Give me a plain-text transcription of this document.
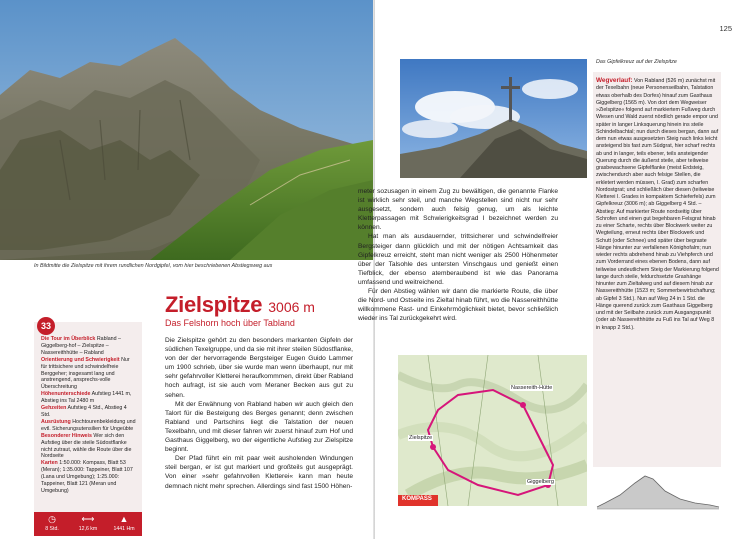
In Bildmitte die Zielspitze mit ihrem rundlichen Nordgipfel, vom hier beschriebenen Abstiegsweg aus
33
Zielspitze 3006 m
Das Felshorn hoch über Tabland
Die Tour im Überblick Rabland – Giggelberg-hof – Zielspitze – Nassereithhütte – Rabland
Orientierung und Schwierigkeit Nur für trittsichere und schwindelfreie Berggeher; insgesamt lang und anstrengend, ansprechs-volle Überschreitung
Höhenunterschiede Aufstieg 1441 m, Abstieg ins Tal 2480 m
Gehzeiten Aufstieg 4 Std., Abstieg 4 Std.
Ausrüstung Hochtourenbekleidung und evtl. Sicherungsutensilien für Ungeübte
Besonderer Hinweis Wer sich den Aufstieg über die steile Südostflanke nicht zutraut, wähle die Route über die Nordseite
Karten 1:50.000: Kompass, Blatt 53 (Meran); 1:35.000: Tappeiner, Blatt 107 (Lana und Umgebung); 1:25.000: Tappeiner, Blatt 121 (Meran und Umgebung)
◷
8 Std.
⟷
12,6 km
▲
1441 Hm

Die Zielspitze gehört zu den besonders markanten Gipfeln der südlichen Texelgruppe, und da sie mit ihrer steilen Südostflanke, von der der hervorragende Bergsteiger Eugen Guido Lammer um 1900 schrieb, über sie wurde man wenn überhaupt, nur mit sehr gefahrvoller Kletterei heraufkommmen, direkt über Rabland hoch aufragt, ist sie auch vom Meraner Becken aus gut zu sehen.

Mit der Erwähnung von Rabland haben wir auch gleich den Talort für die Besteigung des Berges genannt; denn zwischen Rabland und Partschins liegt die Talstation der neuen Texelbahn, und mit dieser fahren wir zuerst hinauf zum Hof und Gasthaus Giggelberg, wo der eigentliche Aufstieg zur Zielspitze beginnt.

Der Pfad führt ein mit paar weit ausholenden Windungen steil bergan, er ist gut markiert und großteils gut ausgeprägt. Von einer »sehr gefahrvollen Kletterei« kann man heute demnach nicht mehr sprechen. Allerdings sind fast 1500 Höhen-

125
Das Gipfelkreuz auf der Zielspitze

meter sozusagen in einem Zug zu bewältigen, die genannte Flanke ist wirklich sehr steil, und manche Wegstellen sind nicht nur sehr ausgesetzt, sondern auch felsig genug, um als leichte Kletterpassagen mit Schwierigkeitsgrad I bezeichnet werden zu können.

Hat man als ausdauernder, trittsicherer und schwindelfreier Bergsteiger dann glücklich und mit der nötigen Achtsamkeit das Gipfelkreuz erreicht, steht man nicht weniger als 2500 Höhenmeter über der Talsohle des untersten Vinschgaus und genießt einen Tiefblick, der ebenso atemberaubend ist wie das Panorama umfassend und weitreichend.

Für den Abstieg wählen wir dann die markierte Route, die über die Nord- und Ostseite ins Zieltal hinab führt, wo die Nassereithhütte willkommene Rast- und Einkehrmöglichkeit bietet, bevor schließlich wieder ins Tal zurückgekehrt wird.

Zielspitze
Nassereith-Hütte
Giggelberg
KOMPASS
Wegverlauf: Von Rabland (526 m) zunächst mit der Texelbahn (neue Personenseilbahn, Talstation etwas oberhalb des Dorfes) hinauf zum Gasthaus Giggelberg (1565 m). Von dort dem Wegweiser »Zielspitze« folgend auf markiertem Fußweg durch Wiesen und Wald zuerst nördlich gerade empor und später in langer Linksquerung hinein ins steile Schindelbachtal; nun durch dieses bergan, dann auf dem nun etwas ausgesetzten Steig nach links leicht ansteigend bis fast zum Südgrat, hier scharf rechts ab und in langer, teils ebener, teils ansteigender Querung durch die äußerst steile, aber teilweise grasbewachsene Gipfelflanke (meist Erdsteig, zwischendurch aber auch felsige Stellen, die erkletert werden müssen, I. Grad) zum scharfen Nordostgrat; und schließlich über diesen (teilweise Kletterei I. Grades in kompaktem Schieferfels) zum Gipfelkreuz (3006 m); ab Giggelberg 4 Std. – Abstieg: Auf markierter Route nordseitig über Schrofen und einen gut begehbaren Felsgrat hinab zu einer Scharte, rechts über Blockwerk weiter zu Wegteilung, erneut rechts über Blockwerk und Schutt (oder Schnee) und später über begraste Hänge hinunter zur verfallenen Könighofalm; nun wieder rechts abdrehend hinab zu Viehpferch und zum Vorderrand eines ebenen Bodens, dann auf teilweise undeutlichem Steig der Markierung folgend lange durch steile, feldurchsetzte Grashänge hinunter zum Zieltalweg und auf diesem hinab zur Nassereithhütte (1523 m; Sommerbewirtschaftung; ab Gipfel 3 Std.). Nun auf Weg 24 in 1 Std. die Hänge querend zurück zum Gasthaus Giggelberg und mit der Seilbahn zurück zum Ausgangspunkt (oder ab Nassereithhütte zu Fuß ins Tal auf Weg 8 in knapp 2 Std.).
